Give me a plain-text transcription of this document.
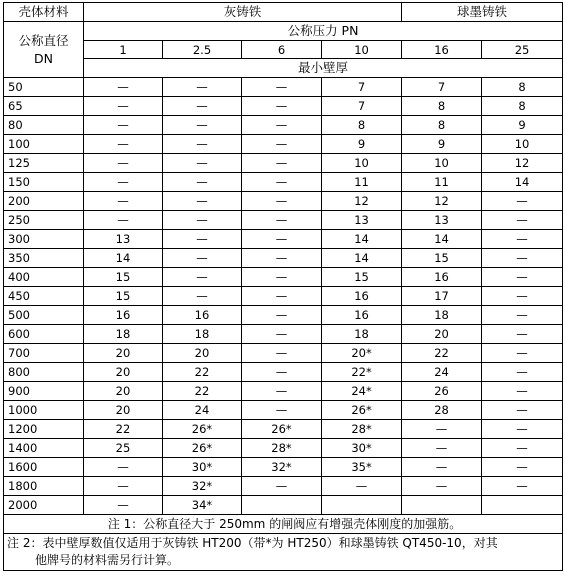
壳体材料	灰铸铁				球墨铸铁	
公称直径
DN	公称压力 PN					
	1	2.5	6	10	16	25
	最小壁厚					
50	—	—	—	7	7	8
65	—	—	—	7	8	8
80	—	—	—	8	8	9
100	—	—	—	9	9	10
125	—	—	—	10	10	12
150	—	—	—	11	11	14
200	—	—	—	12	12	—
250	—	—	—	13	13	—
300	13	—	—	14	14	—
350	14	—	—	14	15	—
400	15	—	—	15	16	—
450	15	—	—	16	17	—
500	16	16	—	16	18	—
600	18	18	—	18	20	—
700	20	20	—	20*	22	—
800	20	22	—	22*	24	—
900	20	22	—	24*	26	—
1000	20	24	—	26*	28	—
1200	22	26*	26*	28*	—	—
1400	25	26*	28*	30*	—	—
1600	—	30*	32*	35*	—	—
1800	—	32*	—	—	—	—
2000	—	34*				
注 1：公称直径大于 250mm 的闸阀应有增强壳体刚度的加强筋。						
注 2：表中壁厚数值仅适用于灰铸铁 HT200（带*为 HT250）和球墨铸铁 QT450-10，对其

他牌号的材料需另行计算。						
